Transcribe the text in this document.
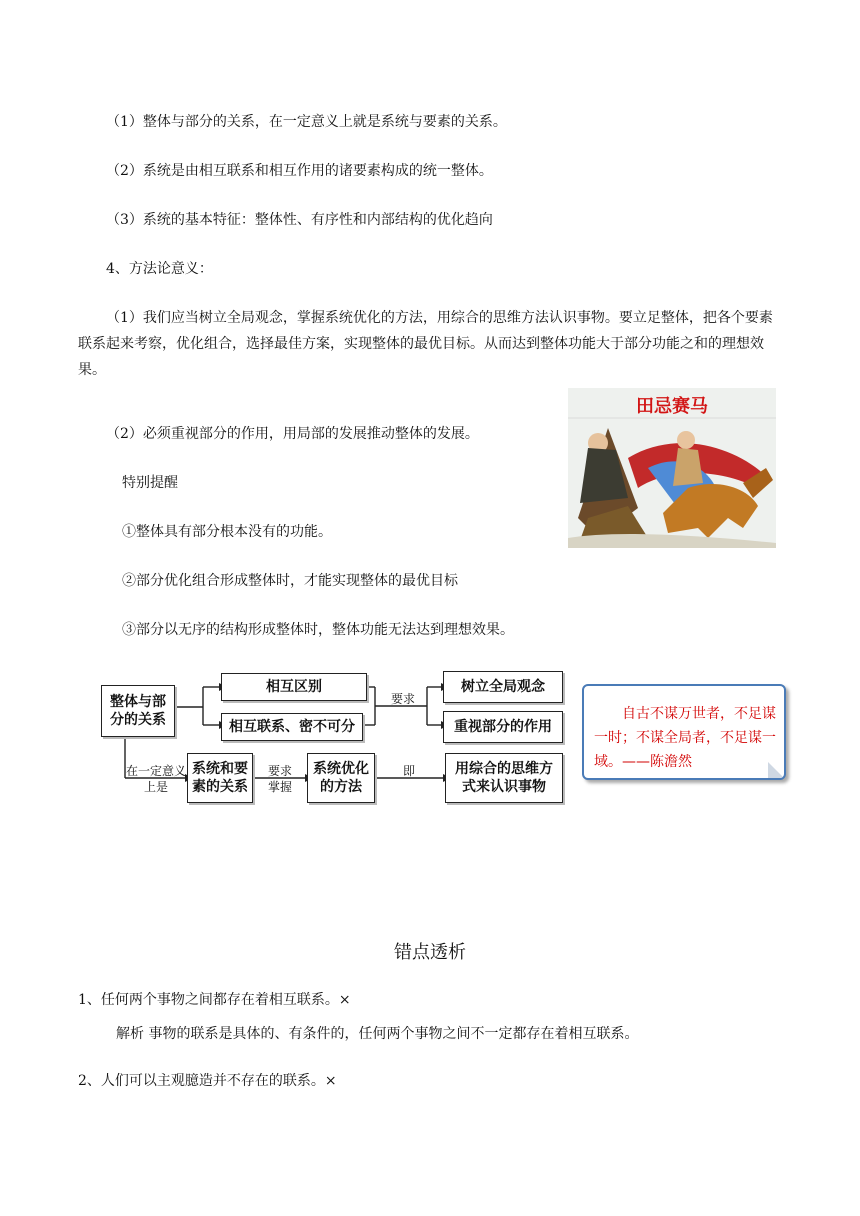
（1）整体与部分的关系，在一定意义上就是系统与要素的关系。
（2）系统是由相互联系和相互作用的诸要素构成的统一整体。
（3）系统的基本特征：整体性、有序性和内部结构的优化趋向
4、方法论意义：
（1）我们应当树立全局观念，掌握系统优化的方法，用综合的思维方法认识事物。要立足整体，把各个要素联系起来考察，优化组合，选择最佳方案，实现整体的最优目标。从而达到整体功能大于部分功能之和的理想效果。
（2）必须重视部分的作用，用局部的发展推动整体的发展。
特别提醒
①整体具有部分根本没有的功能。
②部分优化组合形成整体时，才能实现整体的最优目标
③部分以无序的结构形成整体时，整体功能无法达到理想效果。
田忌赛马
整体与部分的关系
相互区别
相互联系、密不可分
要求
树立全局观念
重视部分的作用
在一定意义上是
系统和要素的关系
要求掌握
系统优化的方法
即	用综合的思维方式来认识事物
自古不谋万世者，不足谋一时；不谋全局者，不足谋一域。——陈澹然
错点透析
1、任何两个事物之间都存在着相互联系。×
解析 事物的联系是具体的、有条件的，任何两个事物之间不一定都存在着相互联系。
2、人们可以主观臆造并不存在的联系。×
